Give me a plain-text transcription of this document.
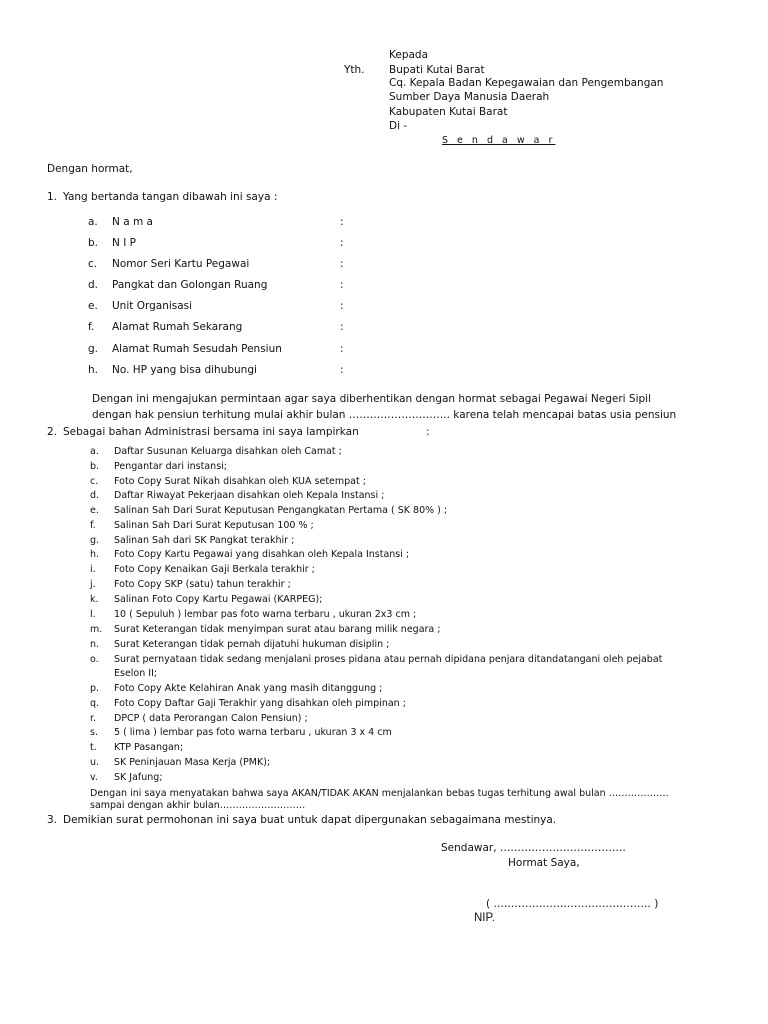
Kepada
Yth. Bupati Kutai Barat
Cq. Kepala Badan Kepegawaian dan Pengembangan
Sumber Daya Manusia Daerah
Kabupaten Kutai Barat
Di -
S e n d a w a r
Dengan hormat,
1. Yang bertanda tangan dibawah ini saya :
a. N a m a	:
b. N I P	:
c. Nomor Seri Kartu Pegawai	:
d. Pangkat dan Golongan Ruang	:
e. Unit Organisasi	:
f. Alamat Rumah Sekarang	:
g. Alamat Rumah Sesudah Pensiun	:
h. No. HP yang bisa dihubungi	:
Dengan ini mengajukan permintaan agar saya diberhentikan dengan hormat sebagai Pegawai Negeri Sipil
dengan hak pensiun terhitung mulai akhir bulan ……………………….. karena telah mencapai batas usia pensiun
2. Sebagai bahan Administrasi bersama ini saya lampirkan	:
a. Daftar Susunan Keluarga disahkan oleh Camat ;
b. Pengantar dari instansi;
c. Foto Copy Surat Nikah disahkan oleh KUA setempat ;
d. Daftar Riwayat Pekerjaan disahkan oleh Kepala Instansi ;
e. Salinan Sah Dari Surat Keputusan Pengangkatan Pertama ( SK 80% ) ;
f. Salinan Sah Dari Surat Keputusan 100 % ;
g. Salinan Sah dari SK Pangkat terakhir ;
h. Foto Copy Kartu Pegawai yang disahkan oleh Kepala Instansi ;
i. Foto Copy Kenaikan Gaji Berkala terakhir ;
j. Foto Copy SKP (satu) tahun terakhir ;
k. Salinan Foto Copy Kartu Pegawai (KARPEG);
l. 10 ( Sepuluh ) lembar pas foto warna terbaru , ukuran 2x3 cm ;
m. Surat Keterangan tidak menyimpan surat atau barang milik negara ;
n. Surat Keterangan tidak pernah dijatuhi hukuman disiplin ;
o. Surat pernyataan tidak sedang menjalani proses pidana atau pernah dipidana penjara ditandatangani oleh pejabat
Eselon II;
p. Foto Copy Akte Kelahiran Anak yang masih ditanggung ;
q. Foto Copy Daftar Gaji Terakhir yang disahkan oleh pimpinan ;
r. DPCP ( data Perorangan Calon Pensiun) ;
s. 5 ( lima ) lembar pas foto warna terbaru , ukuran 3 x 4 cm
t. KTP Pasangan;
u. SK Peninjauan Masa Kerja (PMK);
v. SK Jafung;
Dengan ini saya menyatakan bahwa saya AKAN/TIDAK AKAN menjalankan bebas tugas terhitung awal bulan ……………….
sampai dengan akhir bulan………………………
3. Demikian surat permohonan ini saya buat untuk dapat dipergunakan sebagaimana mestinya.
Sendawar, ………………………………
Hormat Saya,
( ……………………………………… )
NIP.
